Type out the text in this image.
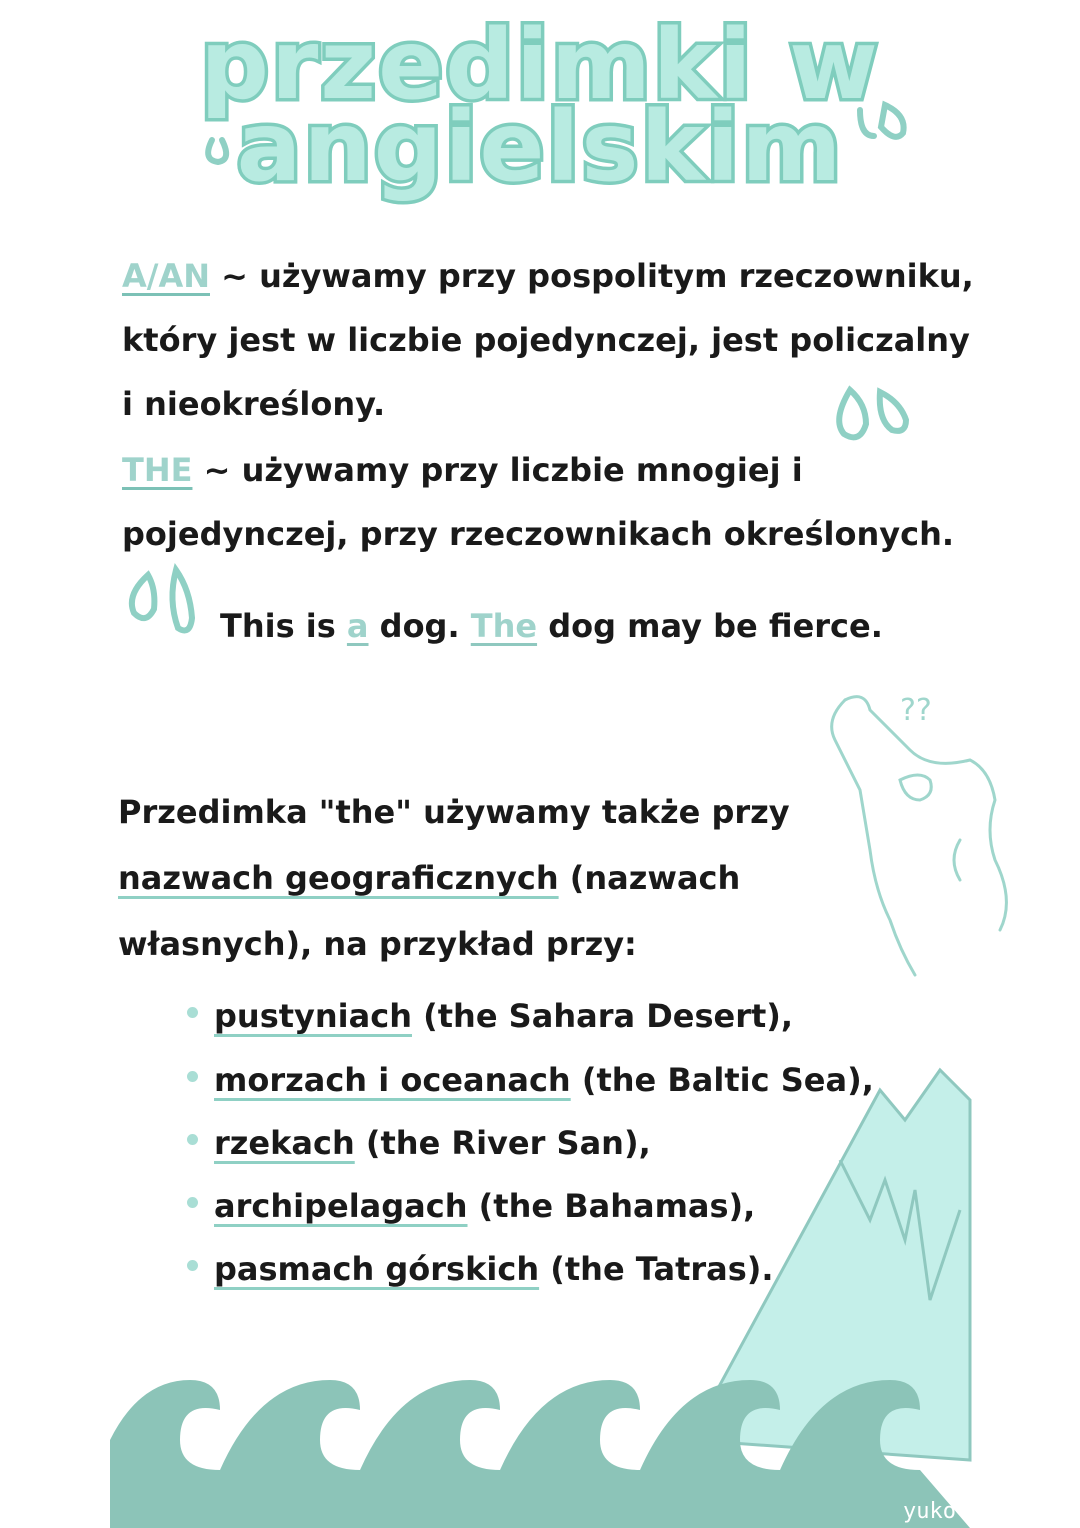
przedimki w
angielskim
??
A/AN ~ używamy przy pospolitym rzeczowniku,
który jest w liczbie pojedynczej, jest policzalny
i nieokreślony.
THE ~ używamy przy liczbie mnogiej i
pojedynczej, przy rzeczownikach określonych.
This is a dog. The dog may be fierce.
Przedimka "the" używamy także przy
nazwach geograficznych (nazwach
własnych), na przykład przy:
pustyniach (the Sahara Desert),
morzach i oceanach (the Baltic Sea),
rzekach (the River San),
archipelagach (the Bahamas),
pasmach górskich (the Tatras).
yuko
